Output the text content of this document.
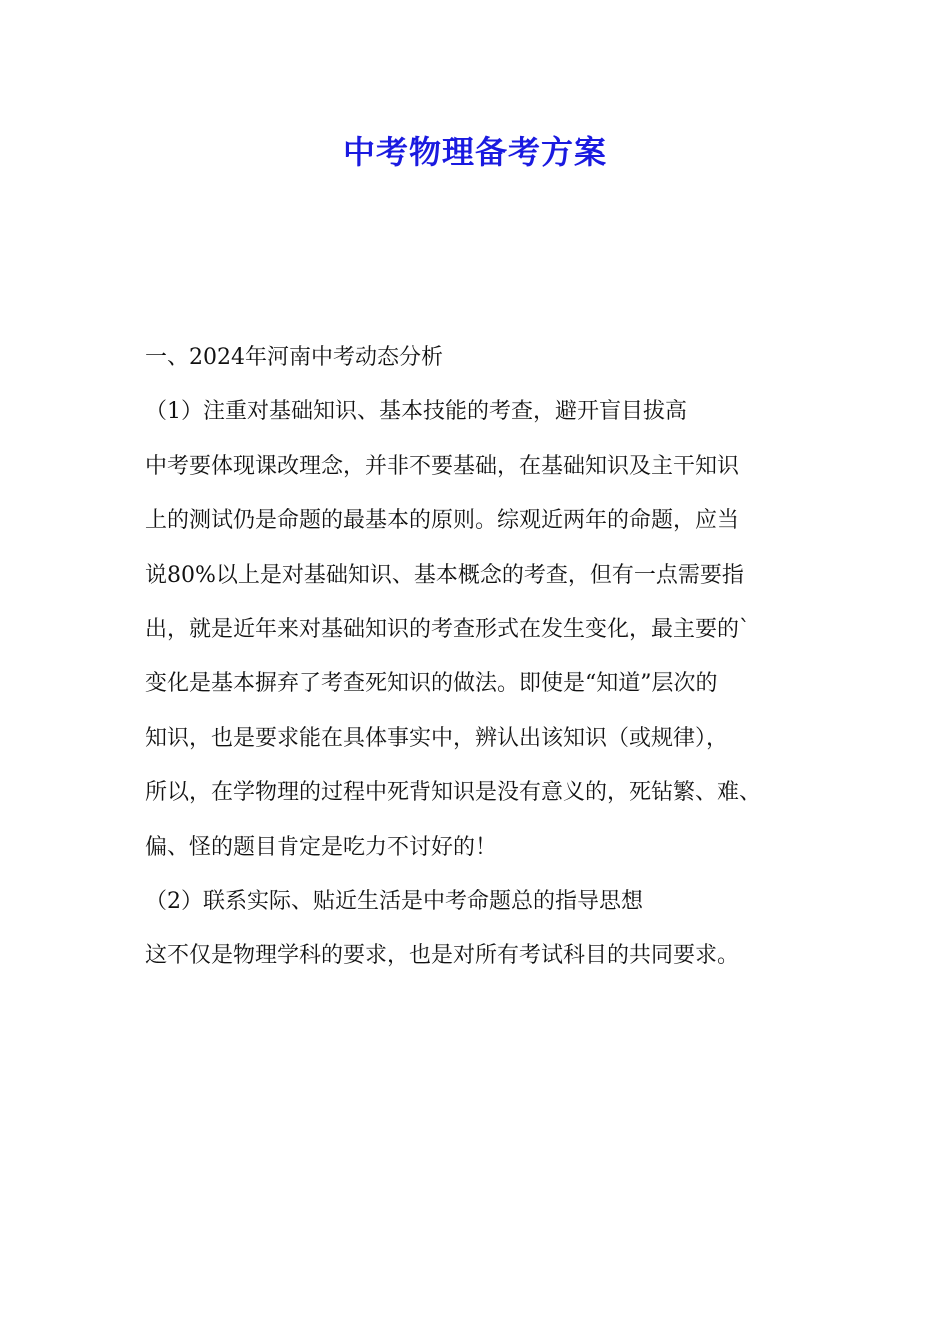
中考物理备考方案

一、2024年河南中考动态分析

（1）注重对基础知识、基本技能的考查，避开盲目拔高

中考要体现课改理念，并非不要基础，在基础知识及主干知识

上的测试仍是命题的最基本的原则。综观近两年的命题，应当

说80%以上是对基础知识、基本概念的考查，但有一点需要指

出，就是近年来对基础知识的考查形式在发生变化，最主要的`

变化是基本摒弃了考查死知识的做法。即使是“知道”层次的

知识，也是要求能在具体事实中，辨认出该知识（或规律），

所以，在学物理的过程中死背知识是没有意义的，死钻繁、难、

偏、怪的题目肯定是吃力不讨好的！

（2）联系实际、贴近生活是中考命题总的指导思想

这不仅是物理学科的要求，也是对所有考试科目的共同要求。
